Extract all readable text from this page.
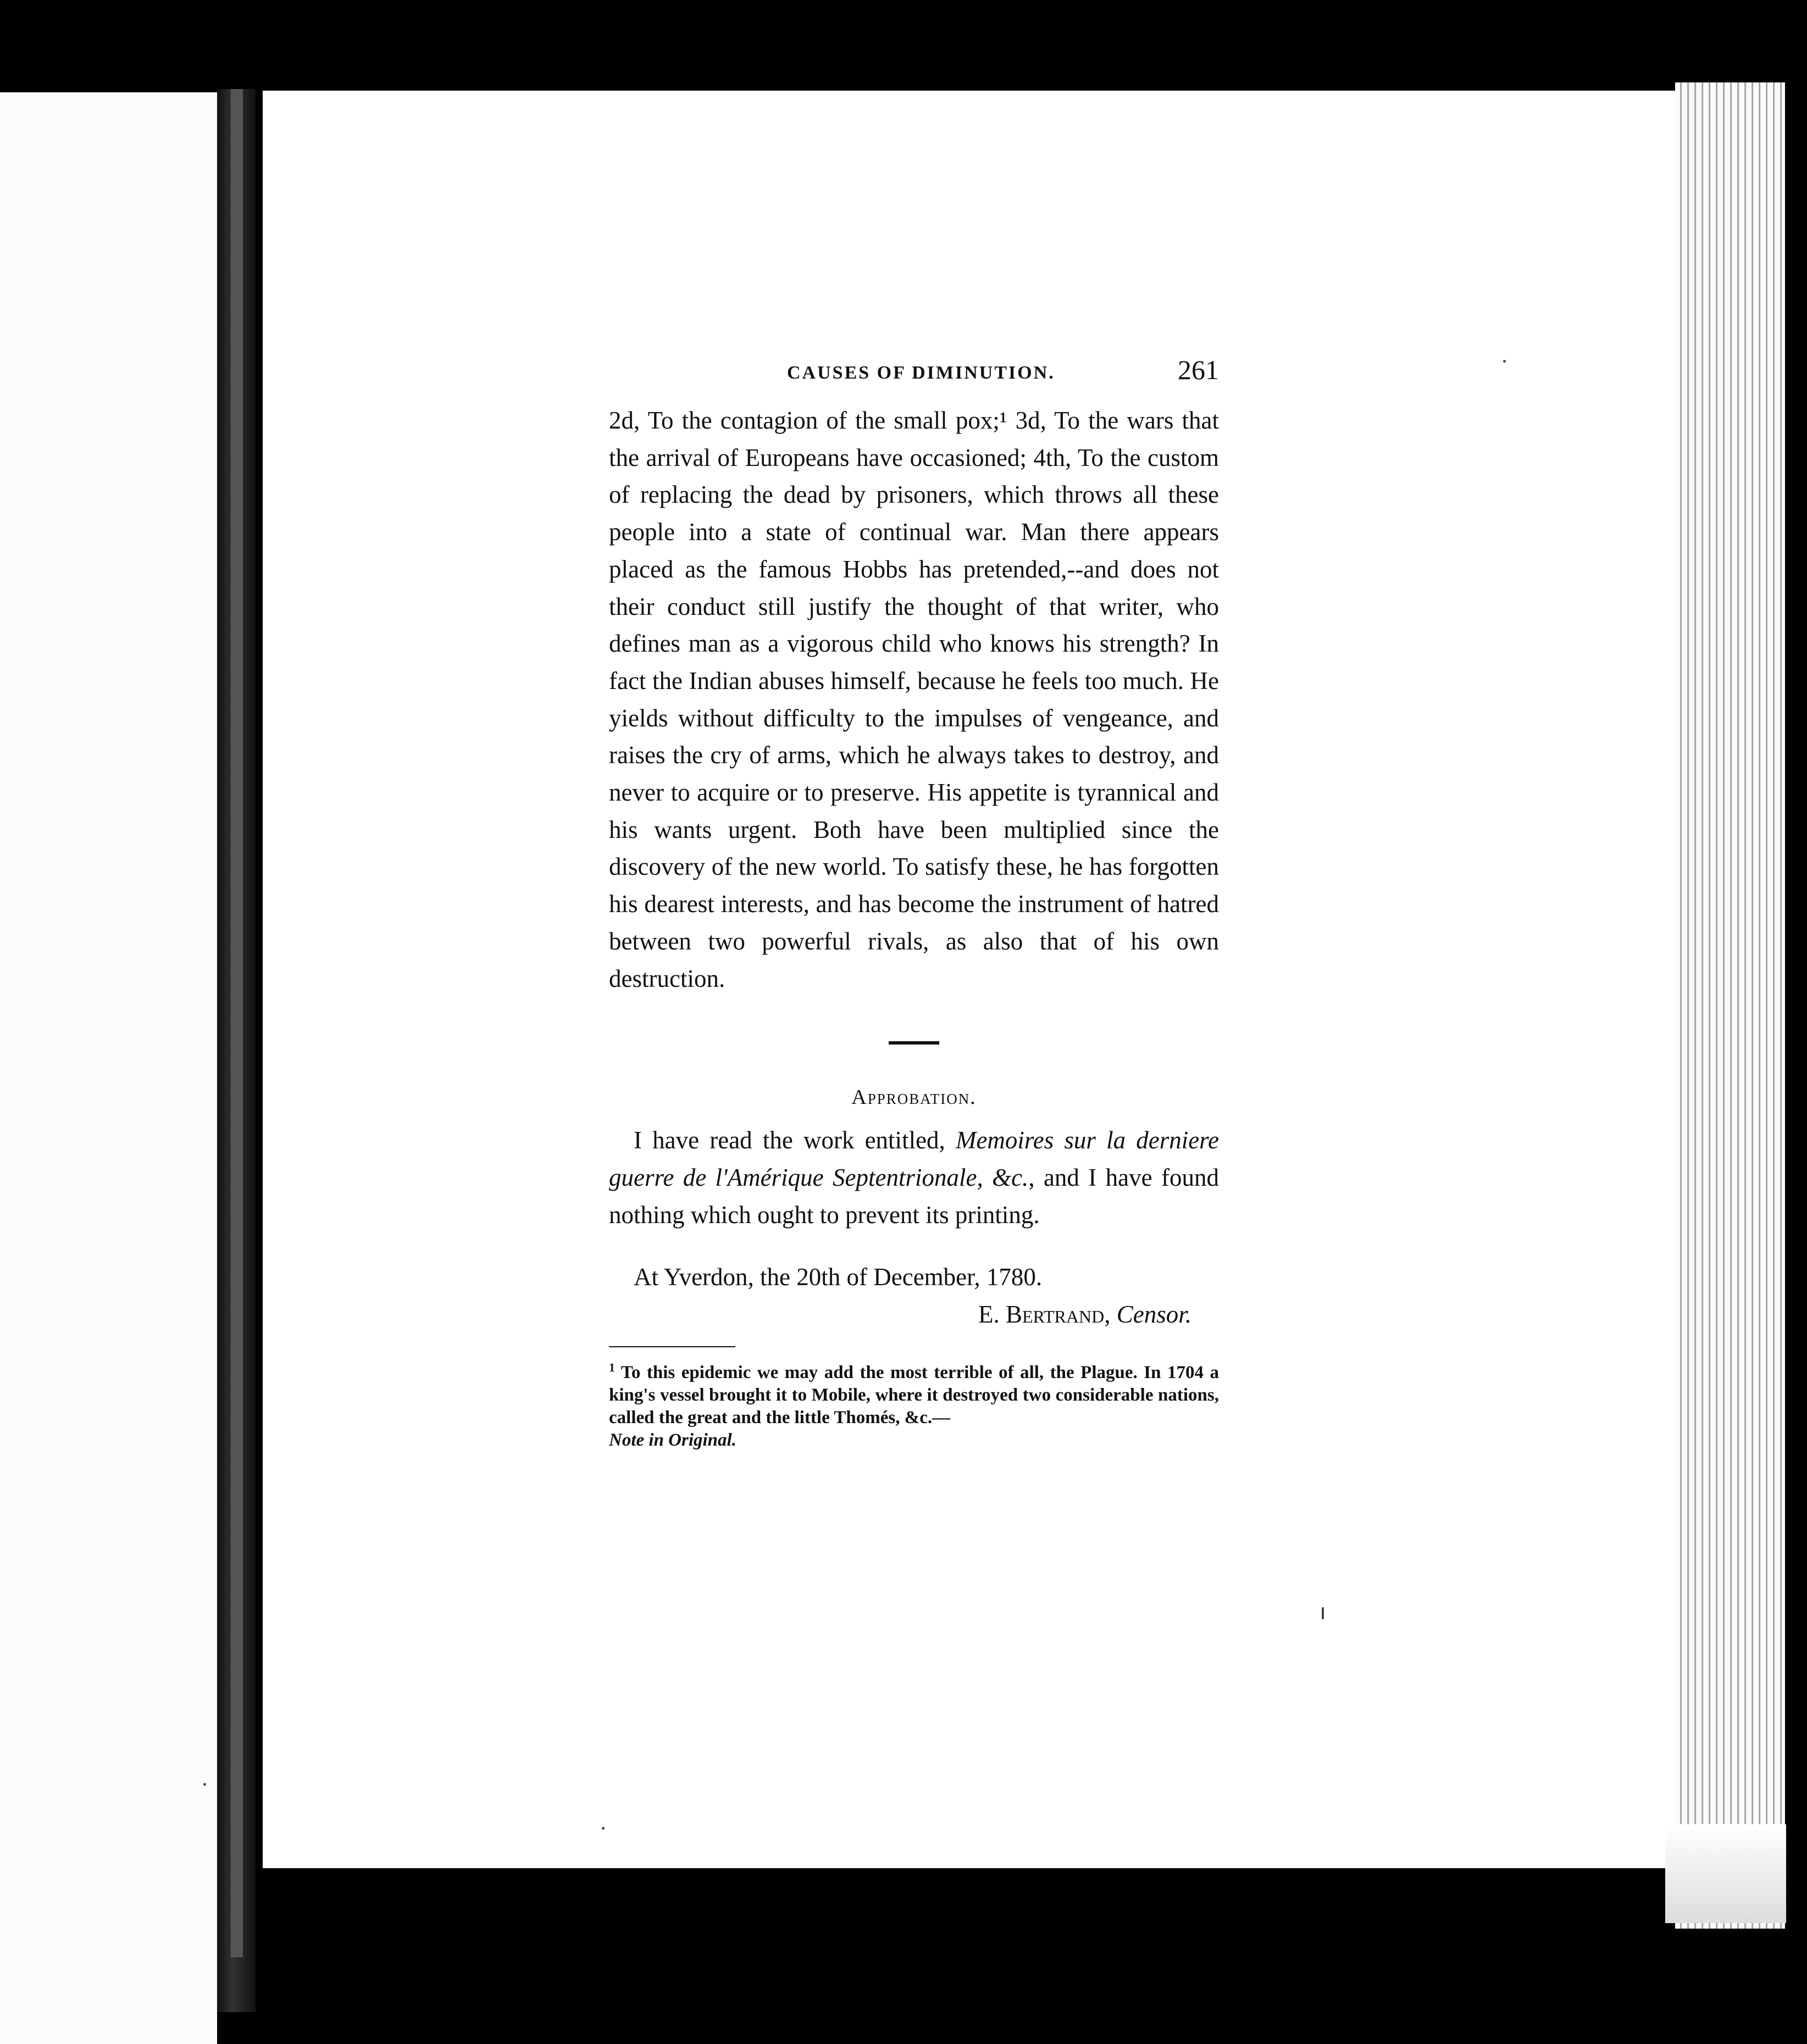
CAUSES OF DIMINUTION.	261

2d, To the contagion of the small pox;¹ 3d, To the wars that the arrival of Europeans have occasioned; 4th, To the custom of replacing the dead by prisoners, which throws all these people into a state of continual war. Man there appears placed as the famous Hobbs has pretended,--and does not their conduct still justify the thought of that writer, who defines man as a vigorous child who knows his strength? In fact the Indian abuses himself, because he feels too much. He yields without difficulty to the impulses of vengeance, and raises the cry of arms, which he always takes to destroy, and never to acquire or to preserve. His appetite is tyrannical and his wants urgent. Both have been multiplied since the discovery of the new world. To satisfy these, he has forgotten his dearest interests, and has become the instrument of hatred between two powerful rivals, as also that of his own destruction.

Approbation.

I have read the work entitled, Memoires sur la derniere guerre de l'Amérique Septentrionale, &c., and I have found nothing which ought to prevent its printing.

At Yverdon, the 20th of December, 1780.
E. Bertrand, Censor.

$^1$ To this epidemic we may add the most terrible of all, the Plague. In 1704 a king's vessel brought it to Mobile, where it destroyed two considerable nations, called the great and the little Thomés, &c.—
Note in Original.
